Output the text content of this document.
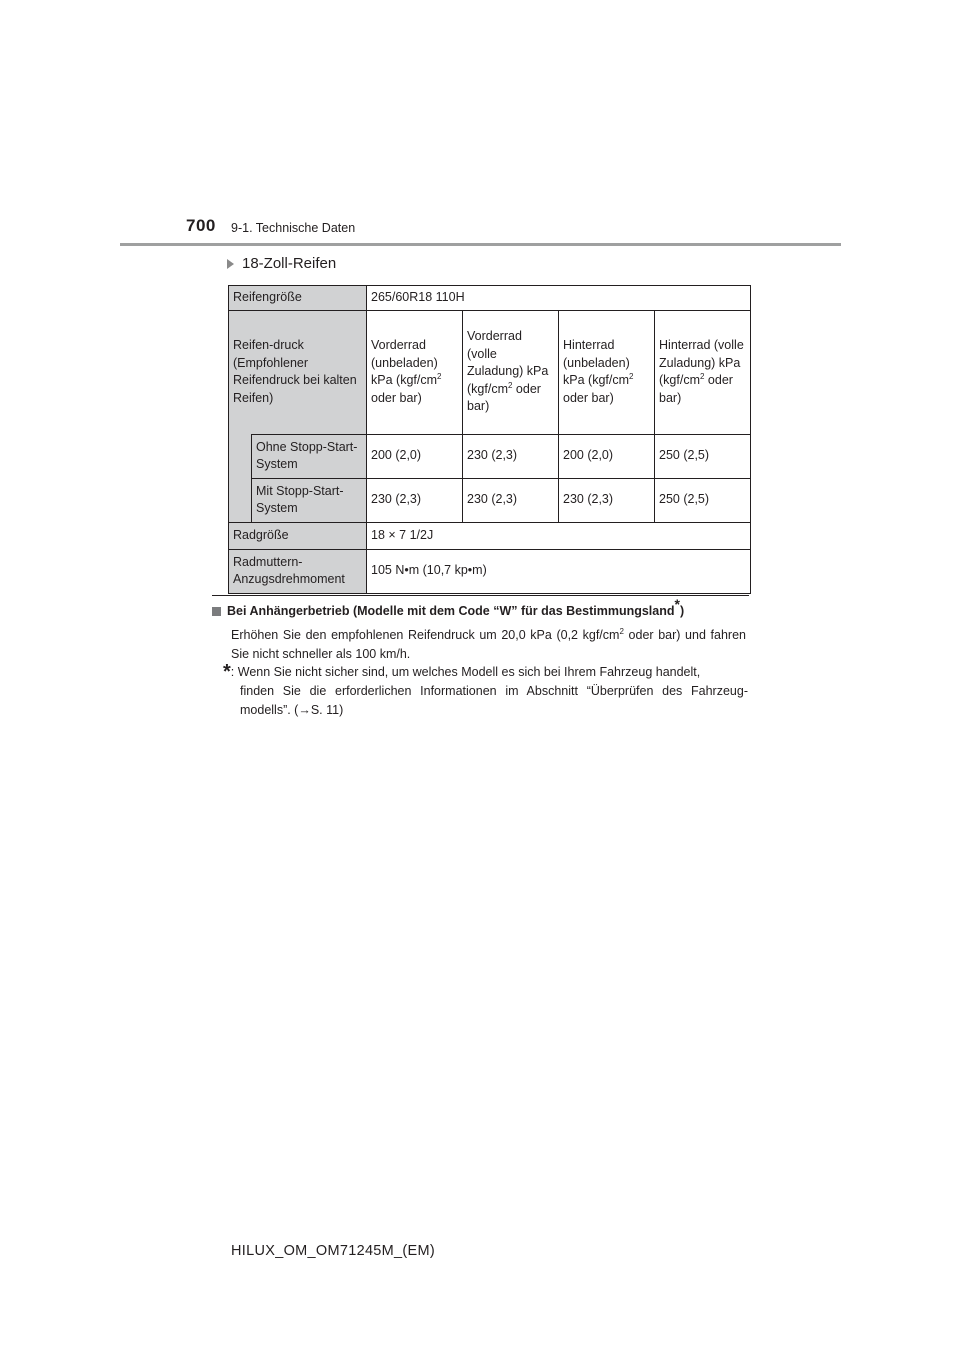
700 9-1. Technische Daten
18-Zoll-Reifen
Reifengröße		265/60R18 110H			
Reifen-druck (Empfohlener Reifendruck bei kalten Reifen)		Vorderrad (unbeladen) kPa ($kgf/cm^2$ oder bar)	Vorderrad (volle Zuladung) kPa ($kgf/cm^2$ oder bar)	Hinterrad (unbeladen) kPa ($kgf/cm^2$ oder bar)	Hinterrad (volle Zuladung) kPa ($kgf/cm^2$ oder bar)
	Ohne Stopp-Start-System	200 (2,0)	230 (2,3)	200 (2,0)	250 (2,5)
	Mit Stopp-Start-System	230 (2,3)	230 (2,3)	230 (2,3)	250 (2,5)
Radgröße		18 × 7 1/2J			
Radmuttern-Anzugsdrehmoment		105 N•m (10,7 kp•m)			
Bei Anhängerbetrieb (Modelle mit dem Code “W” für das Bestimmungsland*)
Erhöhen Sie den empfohlenen Reifendruck um 20,0 kPa (0,2 kgf/$cm^2$ oder bar) und fahren Sie nicht schneller als 100 km/h.
*: Wenn Sie nicht sicher sind, um welches Modell es sich bei Ihrem Fahrzeug handelt,
finden Sie die erforderlichen Informationen im Abschnitt “Überprüfen des Fahrzeug-modells”. (→S. 11)
HILUX_OM_OM71245M_(EM)
